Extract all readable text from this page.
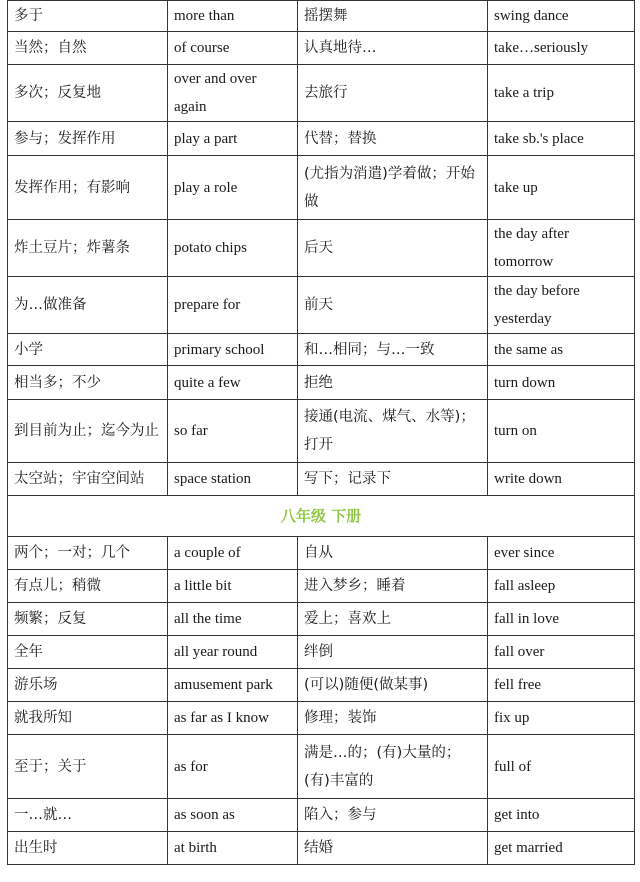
多于	more than	摇摆舞	swing dance
当然；自然	of course	认真地待…	take…seriously
多次；反复地	over and over again	去旅行	take a trip
参与；发挥作用	play a part	代替；替换	take sb.'s place
发挥作用；有影响	play a role	(尤指为消遣)学着做；开始做	take up
炸土豆片；炸薯条	potato chips	后天	the day after tomorrow
为…做准备	prepare for	前天	the day before yesterday
小学	primary school	和…相同；与…一致	the same as
相当多；不少	quite a few	拒绝	turn down
到目前为止；迄今为止	so far	接通(电流、煤气、水等)；打开	turn on
太空站；宇宙空间站	space station	写下；记录下	write down
八年级 下册			
两个；一对；几个	a couple of	自从	ever since
有点儿；稍微	a little bit	进入梦乡；睡着	fall asleep
频繁；反复	all the time	爱上；喜欢上	fall in love
全年	all year round	绊倒	fall over
游乐场	amusement park	(可以)随便(做某事)	fell free
就我所知	as far as I know	修理；装饰	fix up
至于；关于	as for	满是…的；(有)大量的；(有)丰富的	full of
一…就…	as soon as	陷入；参与	get into
出生时	at birth	结婚	get married
